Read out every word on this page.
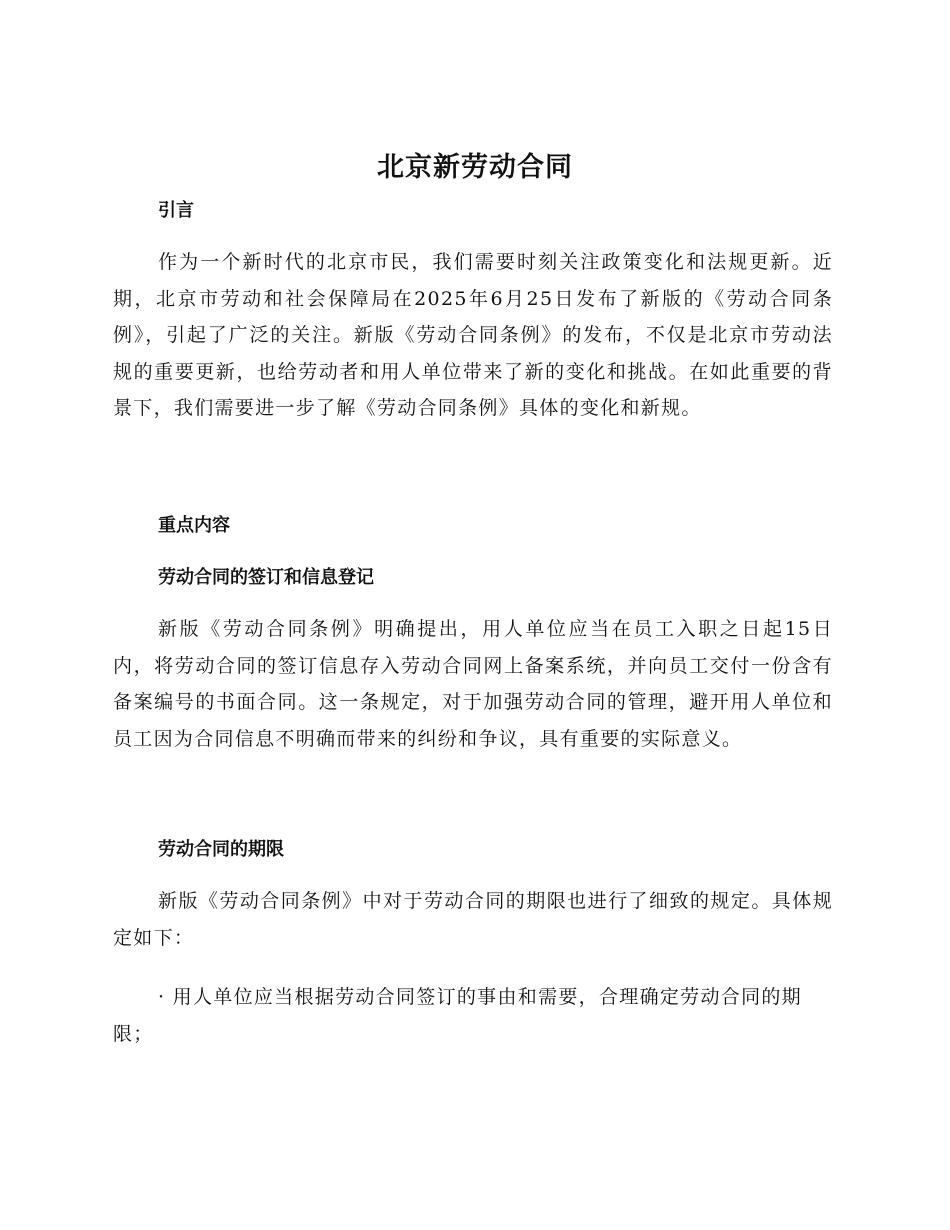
北京新劳动合同
引言

作为一个新时代的北京市民，我们需要时刻关注政策变化和法规更新。近期，北京市劳动和社会保障局在2025年6月25日发布了新版的《劳动合同条例》，引起了广泛的关注。新版《劳动合同条例》的发布，不仅是北京市劳动法规的重要更新，也给劳动者和用人单位带来了新的变化和挑战。在如此重要的背景下，我们需要进一步了解《劳动合同条例》具体的变化和新规。

重点内容
劳动合同的签订和信息登记

新版《劳动合同条例》明确提出，用人单位应当在员工入职之日起15日内，将劳动合同的签订信息存入劳动合同网上备案系统，并向员工交付一份含有备案编号的书面合同。这一条规定，对于加强劳动合同的管理，避开用人单位和员工因为合同信息不明确而带来的纠纷和争议，具有重要的实际意义。

劳动合同的期限

新版《劳动合同条例》中对于劳动合同的期限也进行了细致的规定。具体规定如下：

· 用人单位应当根据劳动合同签订的事由和需要，合理确定劳动合同的期限；
